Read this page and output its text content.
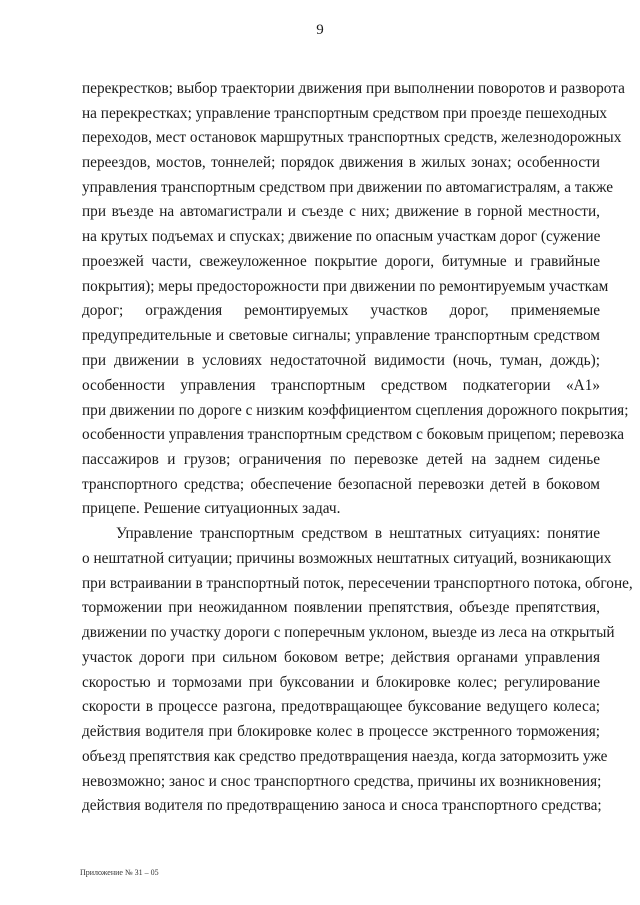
9
перекрестков; выбор траектории движения при выполнении поворотов и разворота
на перекрестках; управление транспортным средством при проезде пешеходных
переходов, мест остановок маршрутных транспортных средств, железнодорожных
переездов, мостов, тоннелей; порядок движения в жилых зонах; особенности
управления транспортным средством при движении по автомагистралям, а также
при въезде на автомагистрали и съезде с них; движение в горной местности,
на крутых подъемах и спусках; движение по опасным участкам дорог (сужение
проезжей части, свежеуложенное покрытие дороги, битумные и гравийные
покрытия); меры предосторожности при движении по ремонтируемым участкам
дорог; ограждения ремонтируемых участков дорог, применяемые
предупредительные и световые сигналы; управление транспортным средством
при движении в условиях недостаточной видимости (ночь, туман, дождь);
особенности управления транспортным средством подкатегории «А1»
при движении по дороге с низким коэффициентом сцепления дорожного покрытия;
особенности управления транспортным средством с боковым прицепом; перевозка
пассажиров и грузов; ограничения по перевозке детей на заднем сиденье
транспортного средства; обеспечение безопасной перевозки детей в боковом
прицепе. Решение ситуационных задач.
Управление транспортным средством в нештатных ситуациях: понятие
о нештатной ситуации; причины возможных нештатных ситуаций, возникающих
при встраивании в транспортный поток, пересечении транспортного потока, обгоне,
торможении при неожиданном появлении препятствия, объезде препятствия,
движении по участку дороги с поперечным уклоном, выезде из леса на открытый
участок дороги при сильном боковом ветре; действия органами управления
скоростью и тормозами при буксовании и блокировке колес; регулирование
скорости в процессе разгона, предотвращающее буксование ведущего колеса;
действия водителя при блокировке колес в процессе экстренного торможения;
объезд препятствия как средство предотвращения наезда, когда затормозить уже
невозможно; занос и снос транспортного средства, причины их возникновения;
действия водителя по предотвращению заноса и сноса транспортного средства;
Приложение № 31 – 05
